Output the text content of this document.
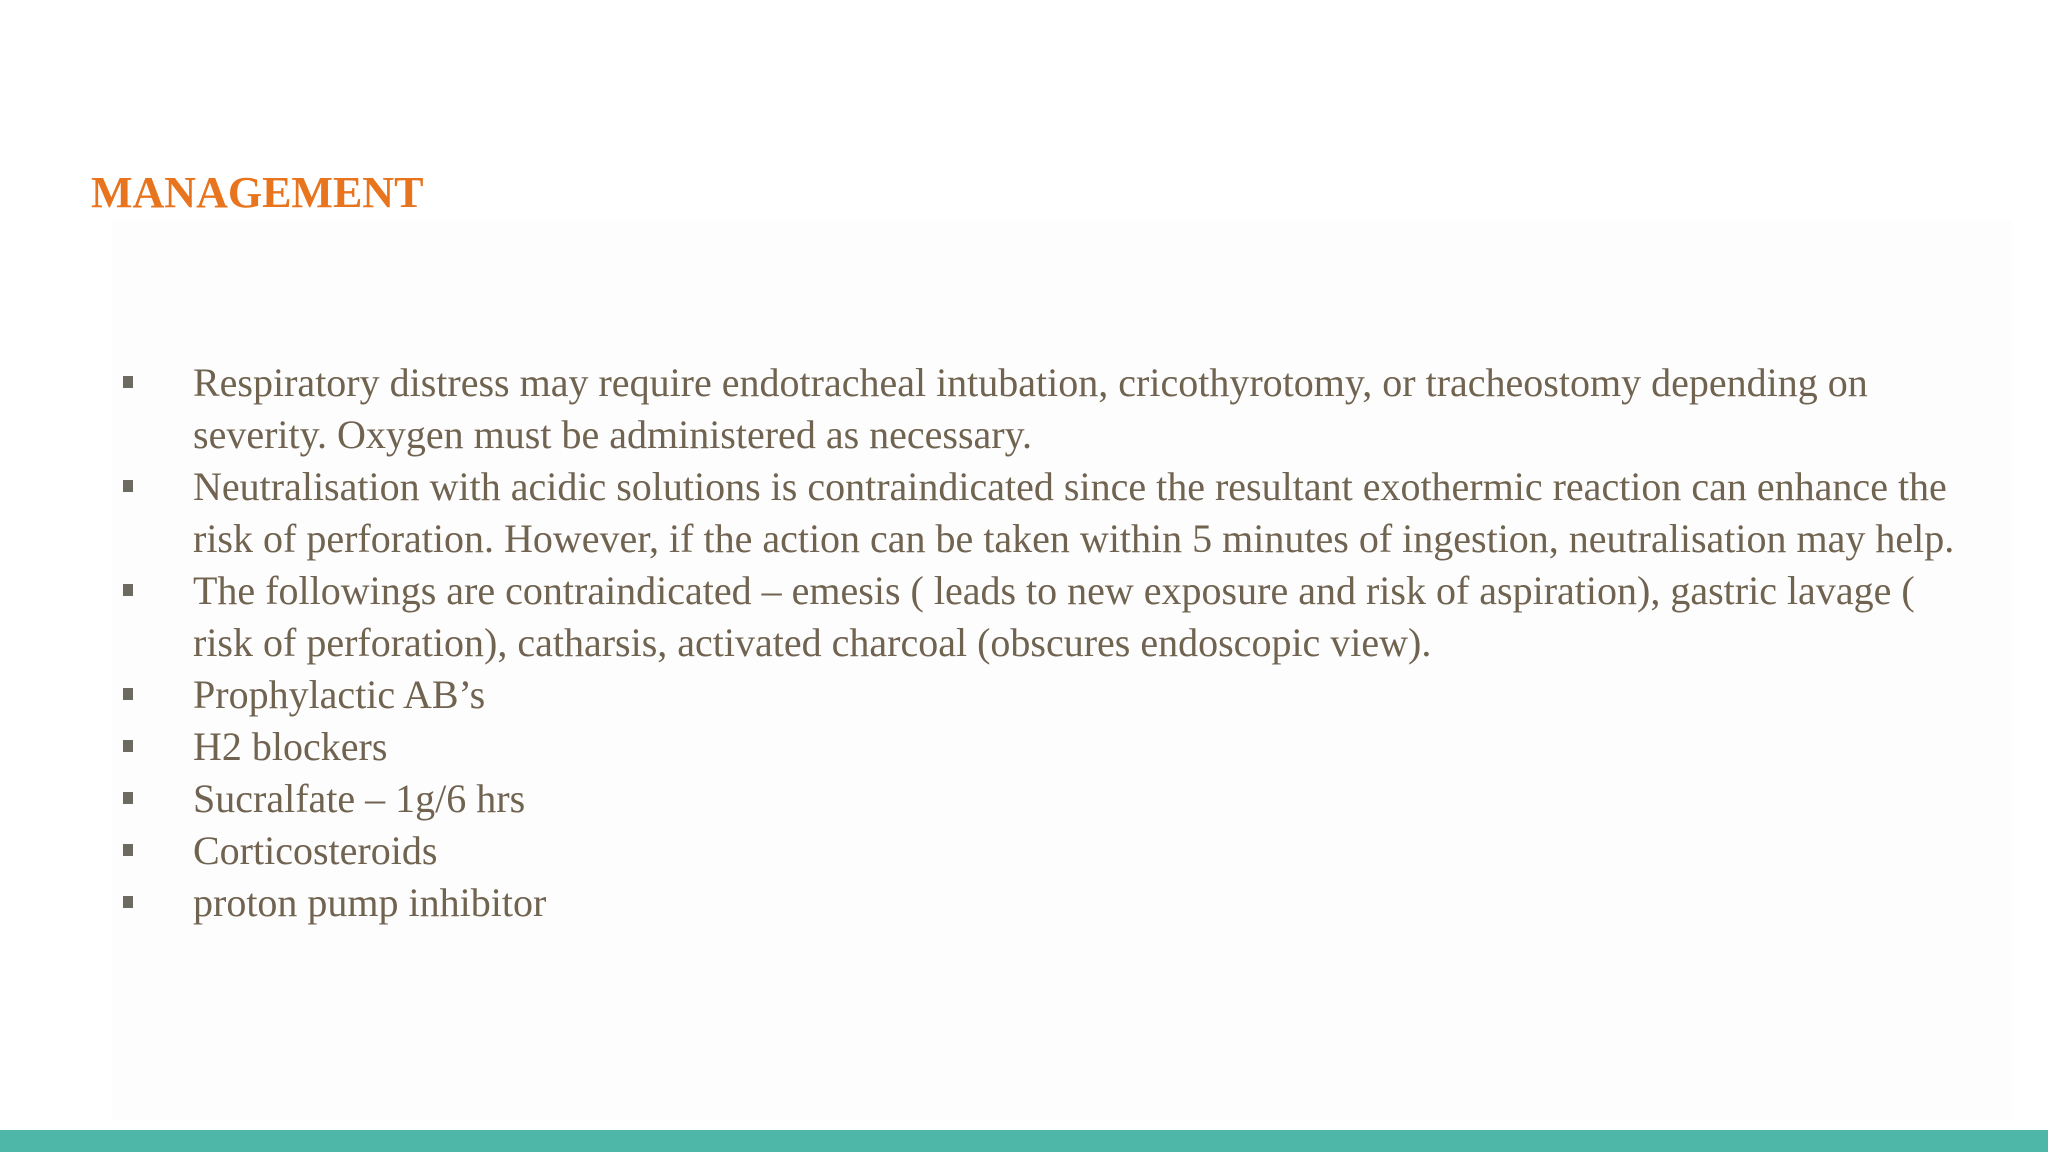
MANAGEMENT
Respiratory distress may require endotracheal intubation, cricothyrotomy, or tracheostomy depending on severity. Oxygen must be administered as necessary.
Neutralisation with acidic solutions is contraindicated since the resultant exothermic reaction can enhance the risk of perforation. However, if the action can be taken within 5 minutes of ingestion, neutralisation may help.
The followings are contraindicated – emesis ( leads to new exposure and risk of aspiration), gastric lavage ( risk of perforation), catharsis, activated charcoal (obscures endoscopic view).
Prophylactic AB’s
H2 blockers
Sucralfate – 1g/6 hrs
Corticosteroids
proton pump inhibitor
